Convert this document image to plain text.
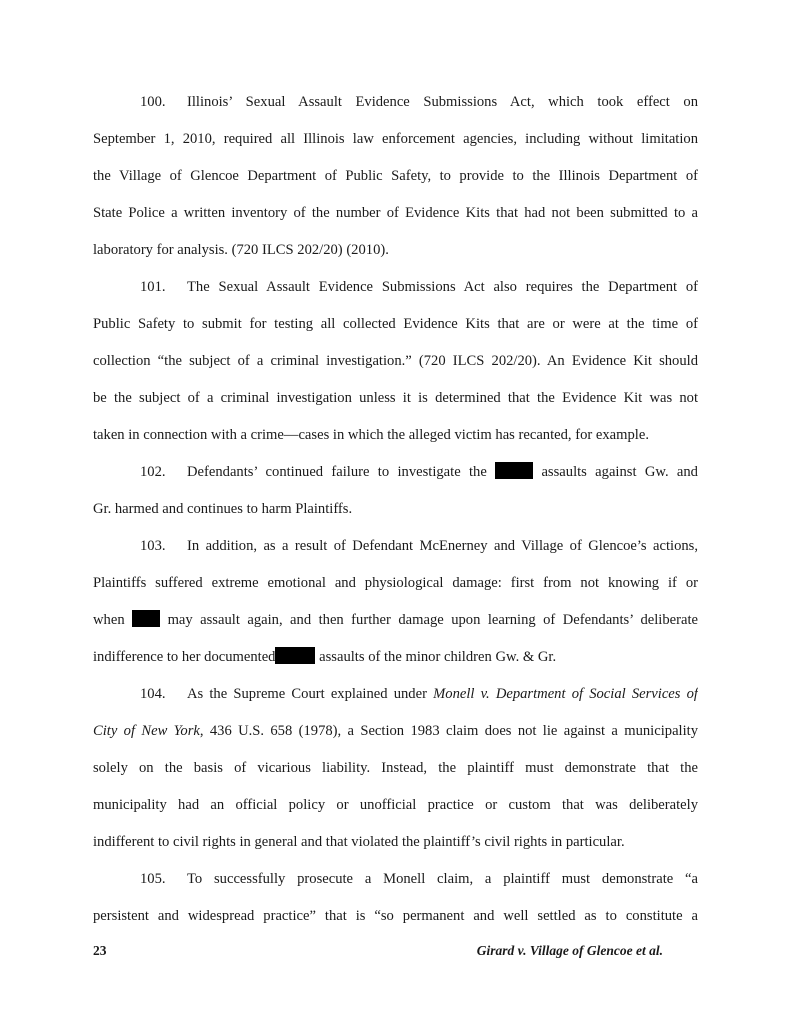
100. Illinois’ Sexual Assault Evidence Submissions Act, which took effect on
September 1, 2010, required all Illinois law enforcement agencies, including without limitation
the Village of Glencoe Department of Public Safety, to provide to the Illinois Department of
State Police a written inventory of the number of Evidence Kits that had not been submitted to a
laboratory for analysis. (720 ILCS 202/20) (2010).
101. The Sexual Assault Evidence Submissions Act also requires the Department of
Public Safety to submit for testing all collected Evidence Kits that are or were at the time of
collection “the subject of a criminal investigation.” (720 ILCS 202/20). An Evidence Kit should
be the subject of a criminal investigation unless it is determined that the Evidence Kit was not
taken in connection with a crime—cases in which the alleged victim has recanted, for example.
102. Defendants’ continued failure to investigate the	assaults against Gw. and
Gr. harmed and continues to harm Plaintiffs.
103. In addition, as a result of Defendant McEnerney and Village of Glencoe’s actions,
Plaintiffs suffered extreme emotional and physiological damage: first from not knowing if or
when	may assault again, and then further damage upon learning of Defendants’ deliberate
indifference to her documented	assaults of the minor children Gw. & Gr.
104. As the Supreme Court explained under Monell v. Department of Social Services of
City of New York, 436 U.S. 658 (1978), a Section 1983 claim does not lie against a municipality
solely on the basis of vicarious liability. Instead, the plaintiff must demonstrate that the
municipality had an official policy or unofficial practice or custom that was deliberately
indifferent to civil rights in general and that violated the plaintiff’s civil rights in particular.
105. To successfully prosecute a Monell claim, a plaintiff must demonstrate “a
persistent and widespread practice” that is “so permanent and well settled as to constitute a
23	Girard v. Village of Glencoe et al.
